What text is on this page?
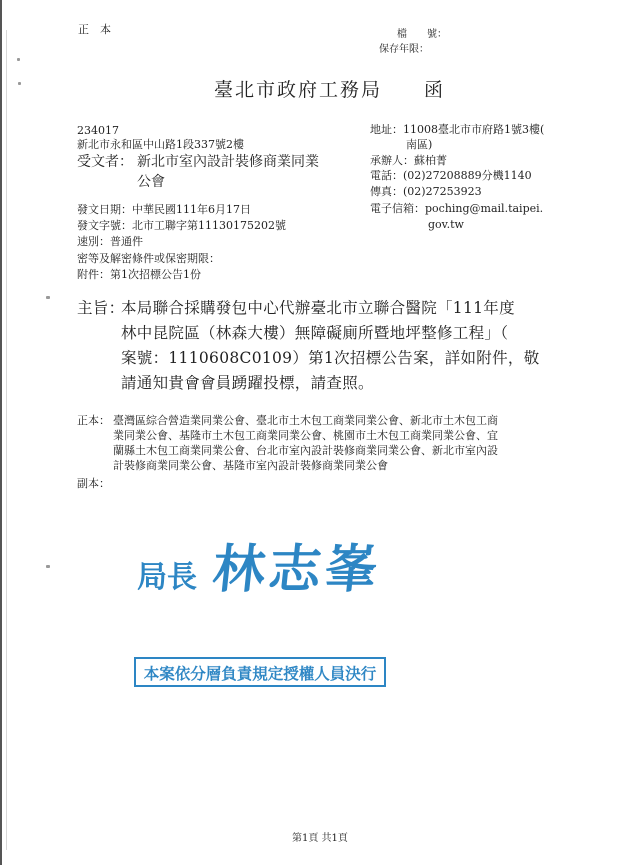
正　本	檔　　號：
保存年限：
臺北市政府工務局　　函
234017
新北市永和區中山路1段337號2樓
受文者： 新北市室內設計裝修商業同業
公會
地址：11008臺北市市府路1號3樓(
南區)
承辦人：蘇柏菁
電話：(02)27208889分機1140
傳真：(02)27253923
電子信箱：poching@mail.taipei.
gov.tw
發文日期：中華民國111年6月17日
發文字號：北市工聯字第11130175202號
速別：普通件
密等及解密條件或保密期限：
附件：第1次招標公告1份
主旨：
本局聯合採購發包中心代辦臺北市立聯合醫院「111年度
林中昆院區（林森大樓）無障礙廁所暨地坪整修工程」（
案號：1110608C0109）第1次招標公告案，詳如附件，敬
請通知貴會會員踴躍投標，請查照。
正本： 臺灣區綜合營造業同業公會、臺北市土木包工商業同業公會、新北市土木包工商
業同業公會、基隆市土木包工商業同業公會、桃園市土木包工商業同業公會、宜
蘭縣土木包工商業同業公會、台北市室內設計裝修商業同業公會、新北市室內設
計裝修商業同業公會、基隆市室內設計裝修商業同業公會
副本：
局長 林志峯
本案依分層負責規定授權人員決行
第1頁 共1頁
